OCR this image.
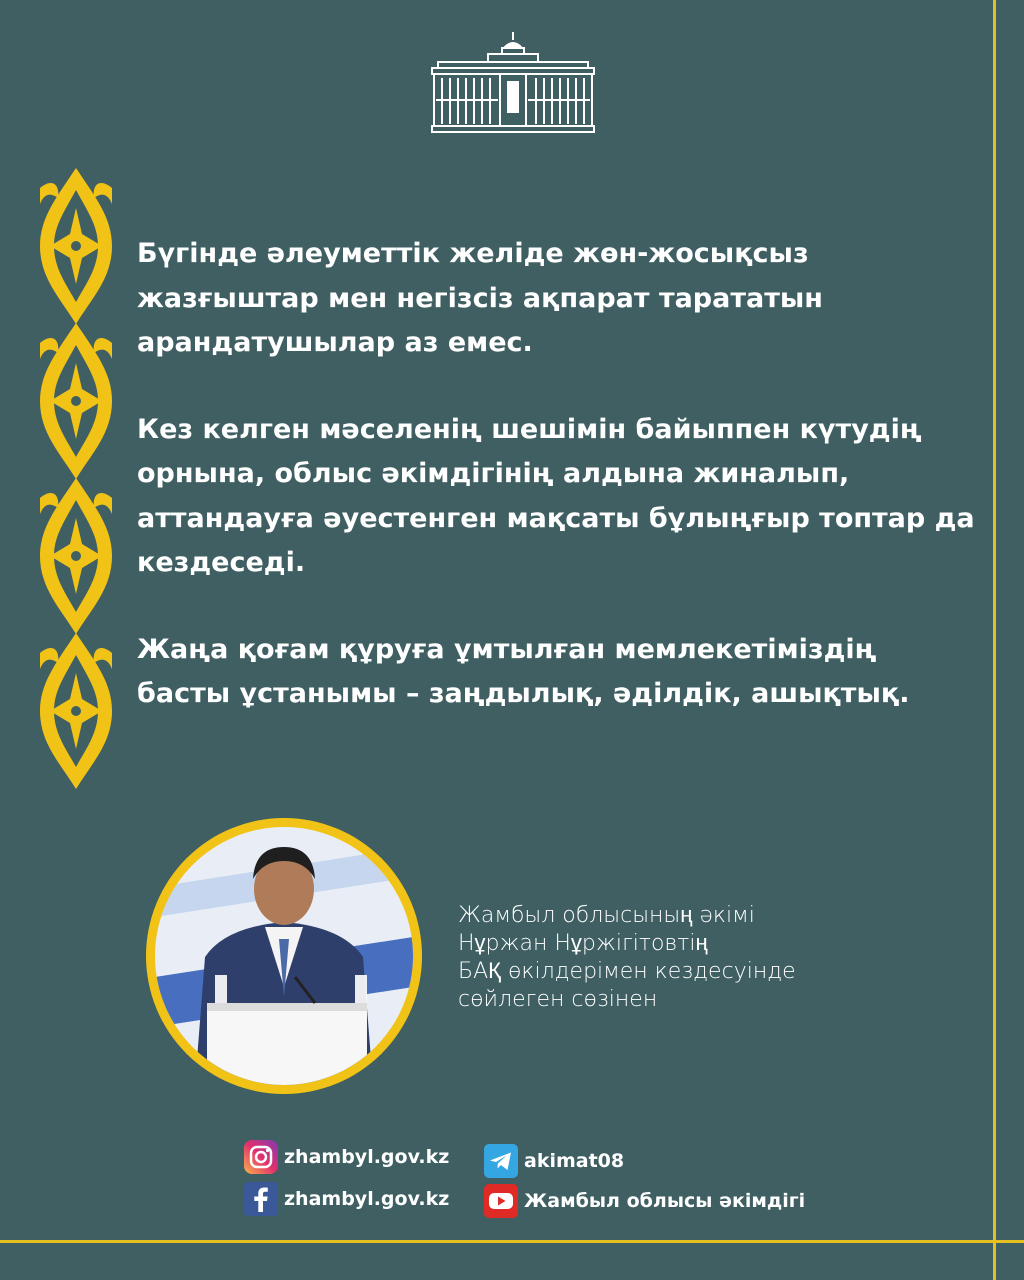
Бүгінде әлеуметтік желіде жөн-жосықсыз жазғыштар мен негізсіз ақпарат тарататын арандатушылар аз емес.

Кез келген мәселенің шешімін байыппен күтудің орнына, облыс әкімдігінің алдына жиналып, аттандауға әуестенген мақсаты бұлыңғыр топтар да кездеседі.

Жаңа қоғам құруға ұмтылған мемлекетіміздің басты ұстанымы – заңдылық, әділдік, ашықтық.

Жамбыл облысының әкімі
Нұржан Нұржігітовтің
БАҚ өкілдерімен кездесуінде
сөйлеген сөзінен
zhambyl.gov.kz
zhambyl.gov.kz
akimat08
Жамбыл облысы әкімдігі
